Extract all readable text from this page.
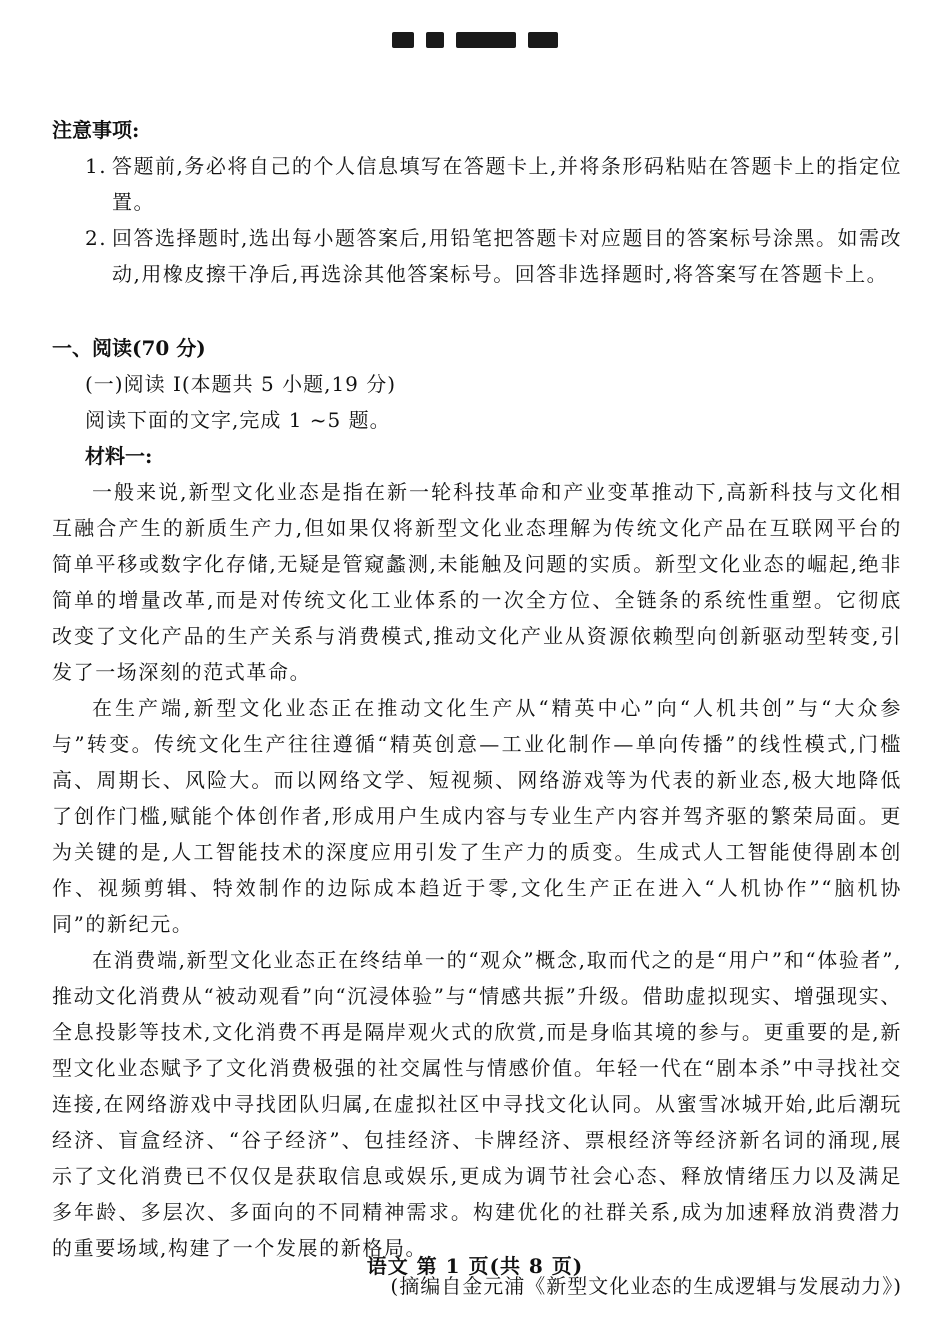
注意事项:
1. 答题前,务必将自己的个人信息填写在答题卡上,并将条形码粘贴在答题卡上的指定位置。
2. 回答选择题时,选出每小题答案后,用铅笔把答题卡对应题目的答案标号涂黑。如需改动,用橡皮擦干净后,再选涂其他答案标号。回答非选择题时,将答案写在答题卡上。
一、阅读(70 分)
(一)阅读 I(本题共 5 小题,19 分)
阅读下面的文字,完成 1 ~5 题。
材料一:

一般来说,新型文化业态是指在新一轮科技革命和产业变革推动下,高新科技与文化相互融合产生的新质生产力,但如果仅将新型文化业态理解为传统文化产品在互联网平台的简单平移或数字化存储,无疑是管窥蠡测,未能触及问题的实质。新型文化业态的崛起,绝非简单的增量改革,而是对传统文化工业体系的一次全方位、全链条的系统性重塑。它彻底改变了文化产品的生产关系与消费模式,推动文化产业从资源依赖型向创新驱动型转变,引发了一场深刻的范式革命。

在生产端,新型文化业态正在推动文化生产从“精英中心”向“人机共创”与“大众参与”转变。传统文化生产往往遵循“精英创意—工业化制作—单向传播”的线性模式,门槛高、周期长、风险大。而以网络文学、短视频、网络游戏等为代表的新业态,极大地降低了创作门槛,赋能个体创作者,形成用户生成内容与专业生产内容并驾齐驱的繁荣局面。更为关键的是,人工智能技术的深度应用引发了生产力的质变。生成式人工智能使得剧本创作、视频剪辑、特效制作的边际成本趋近于零,文化生产正在进入“人机协作”“脑机协同”的新纪元。

在消费端,新型文化业态正在终结单一的“观众”概念,取而代之的是“用户”和“体验者”,推动文化消费从“被动观看”向“沉浸体验”与“情感共振”升级。借助虚拟现实、增强现实、全息投影等技术,文化消费不再是隔岸观火式的欣赏,而是身临其境的参与。更重要的是,新型文化业态赋予了文化消费极强的社交属性与情感价值。年轻一代在“剧本杀”中寻找社交连接,在网络游戏中寻找团队归属,在虚拟社区中寻找文化认同。从蜜雪冰城开始,此后潮玩经济、盲盒经济、“谷子经济”、包挂经济、卡牌经济、票根经济等经济新名词的涌现,展示了文化消费已不仅仅是获取信息或娱乐,更成为调节社会心态、释放情绪压力以及满足多年龄、多层次、多面向的不同精神需求。构建优化的社群关系,成为加速释放消费潜力的重要场域,构建了一个发展的新格局。

(摘编自金元浦《新型文化业态的生成逻辑与发展动力》)
语文 第 1 页(共 8 页)
